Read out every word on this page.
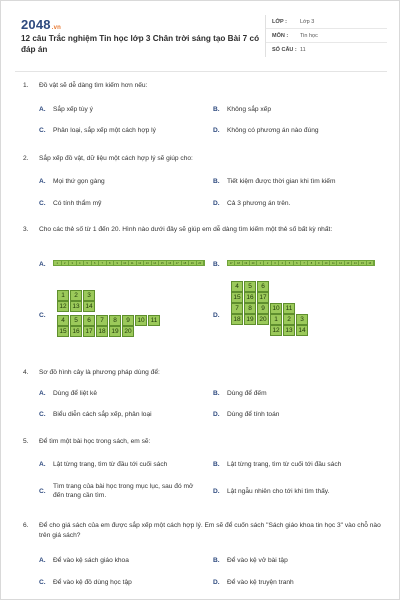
2048.vn
12 câu Trắc nghiệm Tin học lớp 3 Chân trời sáng tạo Bài 7 có đáp án
LỚP :	Lớp 3
MÔN :	Tin học
SỐ CÂU : 11
1.	Đồ vật sẽ dễ dàng tìm kiếm hơn nếu:
A.	Sắp xếp tùy ý	B.	Không sắp xếp
C.	Phân loại, sắp xếp một cách hợp lý	D.	Không có phương án nào đúng
2.	Sắp xếp đồ vật, dữ liệu một cách hợp lý sẽ giúp cho:
A.	Mọi thứ gọn gàng	B.	Tiết kiệm được thời gian khi tìm kiếm
C.	Có tính thẩm mỹ	D.	Cả 3 phương án trên.
3.	Cho các thẻ số từ 1 đến 20. Hình nào dưới đây sẽ giúp em dễ dàng tìm kiếm một thẻ số bất kỳ nhất:
A.	1	2	3	4	5	6	7	8	9	10	11	12	13	14	15	16	17	18	19	20	B.	17	18	19	20	1	2	3	4	5	6	7	8	9	10	11	12	13	14	15	16
C.
1	2	3
12 13 14
4	5	6	7	8	9	10 11
15 16 17 18 19 20
D.
4	5	6
15 16 17
7	8	9	10 11
18 19 20	1	2	3
12 13 14
4.	Sơ đồ hình cây là phương pháp dùng để:
A.	Dùng để liệt kê	B.	Dùng để đếm
C.	Biểu diễn cách sắp xếp, phân loại	D.	Dùng để tính toán
5.	Để tìm một bài học trong sách, em sẽ:
A.	Lật từng trang, tìm từ đầu tới cuối sách	B.	Lật từng trang, tìm từ cuối tới đầu sách
C.
Tìm trang của bài học trong mục lục, sau đó mở đến trang cần tìm.
D.	Lật ngẫu nhiên cho tới khi tìm thấy.
6.	Để cho giá sách của em được sắp xếp một cách hợp lý. Em sẽ để cuốn sách "Sách giáo khoa tin học 3" vào chỗ nào trên giá sách?
A.	Để vào kệ sách giáo khoa	B.	Để vào kệ vở bài tập
C.	Để vào kệ đồ dùng học tập	D.	Để vào kệ truyện tranh
